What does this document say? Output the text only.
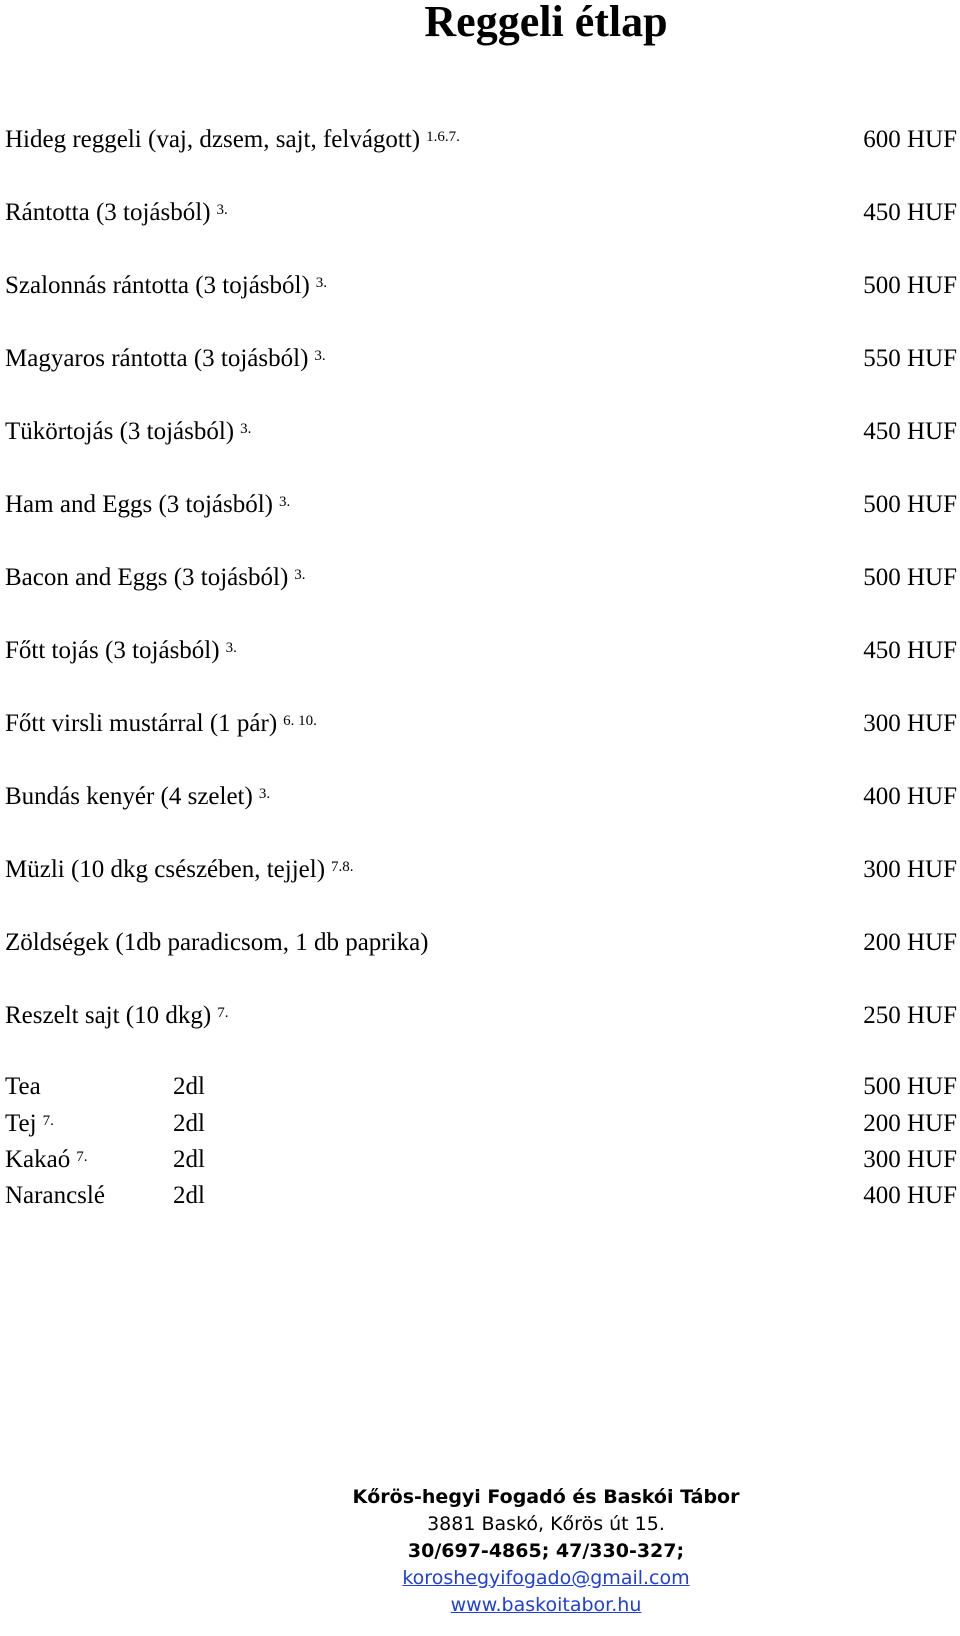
Reggeli étlap
Hideg reggeli (vaj, dzsem, sajt, felvágott) $^{1.6.7.}$	600 HUF
Rántotta (3 tojásból) $^{3.}$	450 HUF
Szalonnás rántotta (3 tojásból) $^{3.}$	500 HUF
Magyaros rántotta (3 tojásból) $^{3.}$	550 HUF
Tükörtojás (3 tojásból) $^{3.}$	450 HUF
Ham and Eggs (3 tojásból) $^{3.}$	500 HUF
Bacon and Eggs (3 tojásból) $^{3.}$	500 HUF
Főtt tojás (3 tojásból) $^{3.}$	450 HUF
Főtt virsli mustárral (1 pár) $^{6. 10.}$	300 HUF
Bundás kenyér (4 szelet) $^{3.}$	400 HUF
Müzli (10 dkg csészében, tejjel) $^{7.8.}$	300 HUF
Zöldségek (1db paradicsom, 1 db paprika)	200 HUF
Reszelt sajt (10 dkg) $^{7.}$	250 HUF
Tea	2dl	500 HUF
Tej $^{7.}$	2dl	200 HUF
Kakaó $^{7.}$	2dl	300 HUF
Narancslé	2dl	400 HUF
Kőrös-hegyi Fogadó és Baskói Tábor
3881 Baskó, Kőrös út 15.
30/697-4865; 47/330-327;
koroshegyifogado@gmail.com
www.baskoitabor.hu
